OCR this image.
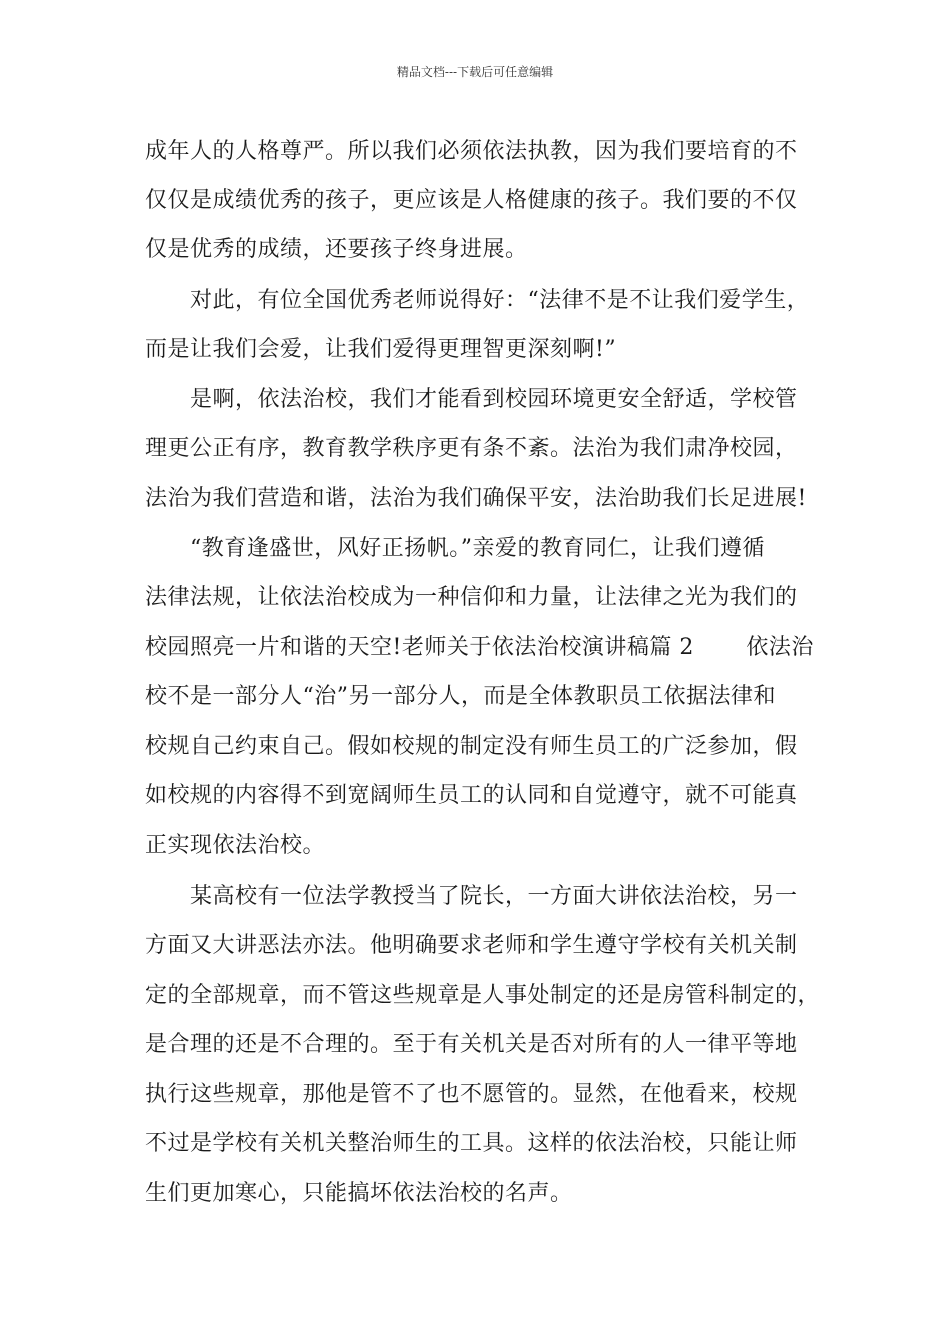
精品文档---下载后可任意编辑
成年人的人格尊严。所以我们必须依法执教，因为我们要培育的不
仅仅是成绩优秀的孩子，更应该是人格健康的孩子。我们要的不仅
仅是优秀的成绩，还要孩子终身进展。
　　对此，有位全国优秀老师说得好：“法律不是不让我们爱学生，
而是让我们会爱，让我们爱得更理智更深刻啊!”
　　是啊，依法治校，我们才能看到校园环境更安全舒适，学校管
理更公正有序，教育教学秩序更有条不紊。法治为我们肃净校园，
法治为我们营造和谐，法治为我们确保平安，法治助我们长足进展!
　　“教育逢盛世，风好正扬帆。”亲爱的教育同仁，让我们遵循
法律法规，让依法治校成为一种信仰和力量，让法律之光为我们的
校园照亮一片和谐的天空!老师关于依法治校演讲稿篇 2　　 依法治
校不是一部分人“治”另一部分人，而是全体教职员工依据法律和
校规自己约束自己。假如校规的制定没有师生员工的广泛参加，假
如校规的内容得不到宽阔师生员工的认同和自觉遵守，就不可能真
正实现依法治校。
　　某高校有一位法学教授当了院长，一方面大讲依法治校，另一
方面又大讲恶法亦法。他明确要求老师和学生遵守学校有关机关制
定的全部规章，而不管这些规章是人事处制定的还是房管科制定的，
是合理的还是不合理的。至于有关机关是否对所有的人一律平等地
执行这些规章，那他是管不了也不愿管的。显然，在他看来，校规
不过是学校有关机关整治师生的工具。这样的依法治校，只能让师
生们更加寒心，只能搞坏依法治校的名声。
